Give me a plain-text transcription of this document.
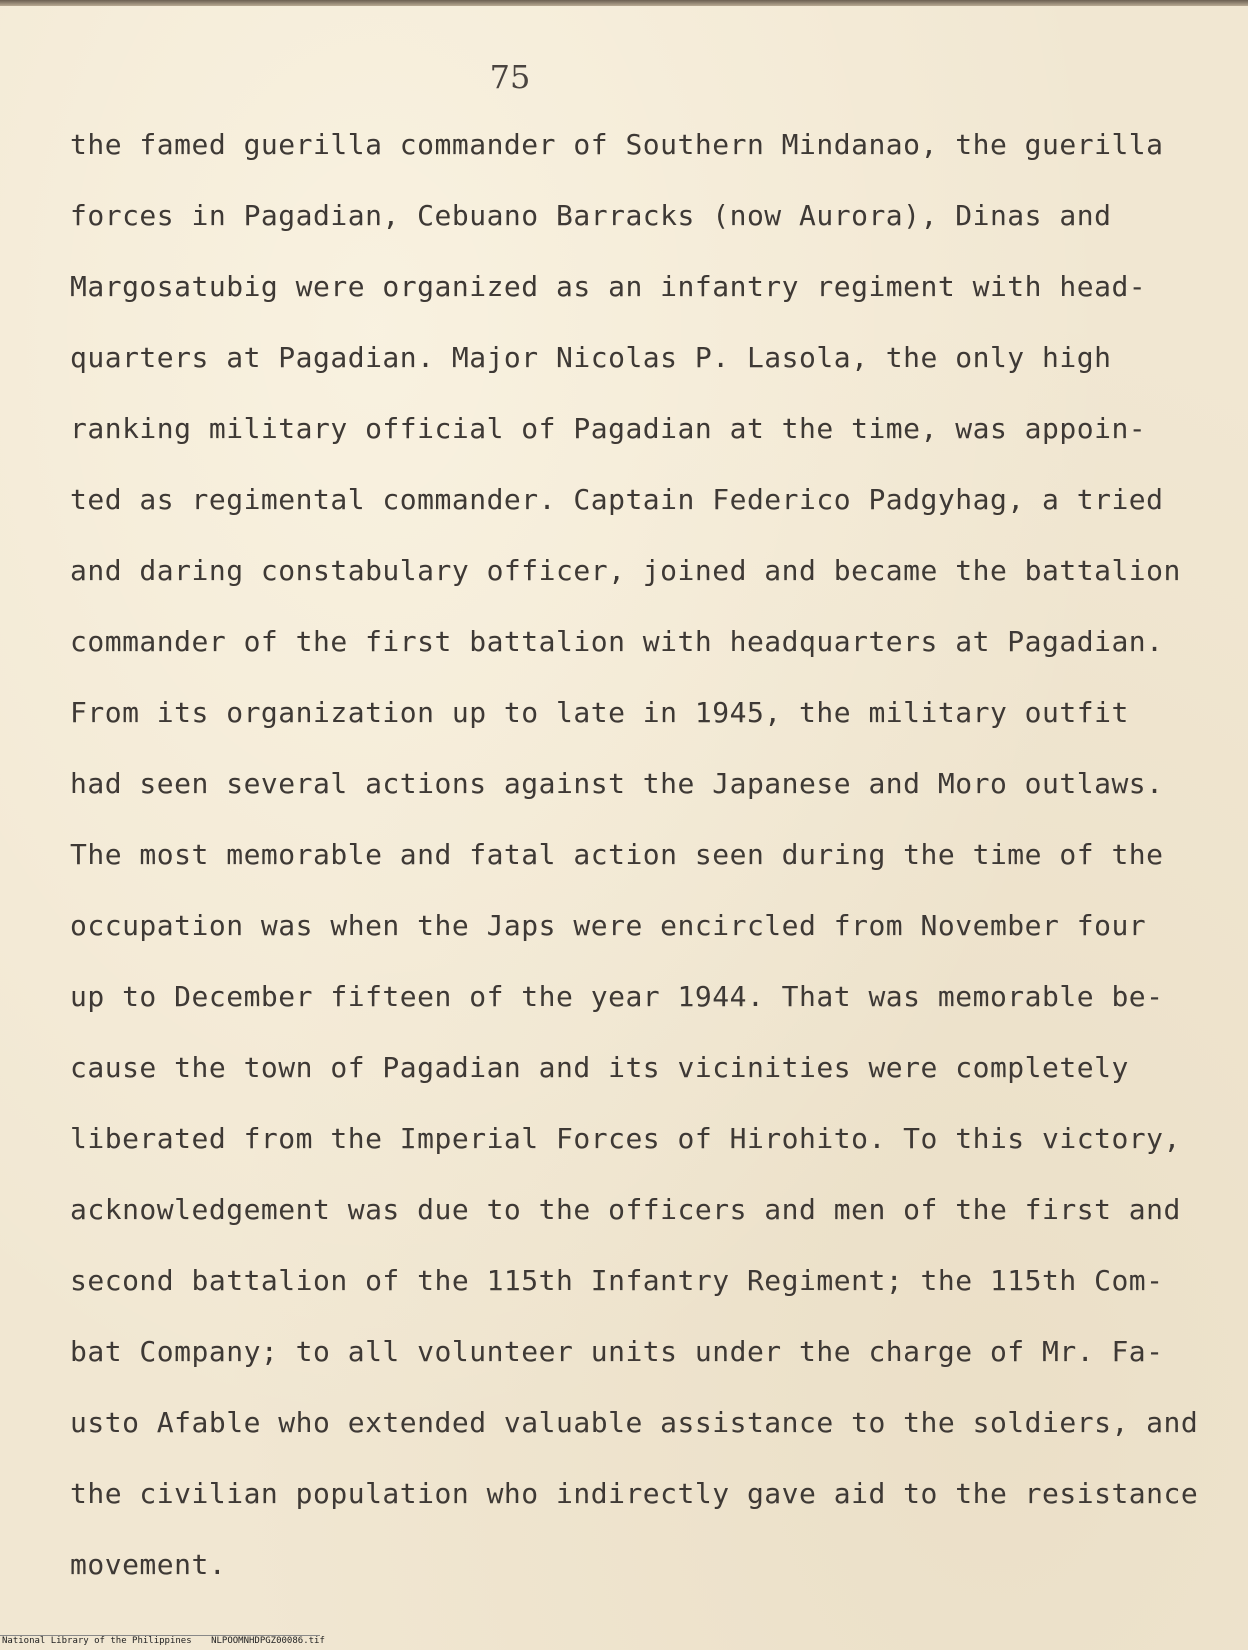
75
the famed guerilla commander of Southern Mindanao, the guerilla
forces in Pagadian, Cebuano Barracks (now Aurora), Dinas and
Margosatubig were organized as an infantry regiment with head-
quarters at Pagadian. Major Nicolas P. Lasola, the only high
ranking military official of Pagadian at the time, was appoin-
ted as regimental commander. Captain Federico Padgyhag, a tried
and daring constabulary officer, joined and became the battalion
commander of the first battalion with headquarters at Pagadian.
From its organization up to late in 1945, the military outfit
had seen several actions against the Japanese and Moro outlaws.
The most memorable and fatal action seen during the time of the
occupation was when the Japs were encircled from November four
up to December fifteen of the year 1944. That was memorable be-
cause the town of Pagadian and its vicinities were completely
liberated from the Imperial Forces of Hirohito. To this victory,
acknowledgement was due to the officers and men of the first and
second battalion of the 115th Infantry Regiment; the 115th Com-
bat Company; to all volunteer units under the charge of Mr. Fa-
usto Afable who extended valuable assistance to the soldiers, and
the civilian population who indirectly gave aid to the resistance
movement.
National Library of the Philippines NLPOOMNHDPGZ00086.tif
